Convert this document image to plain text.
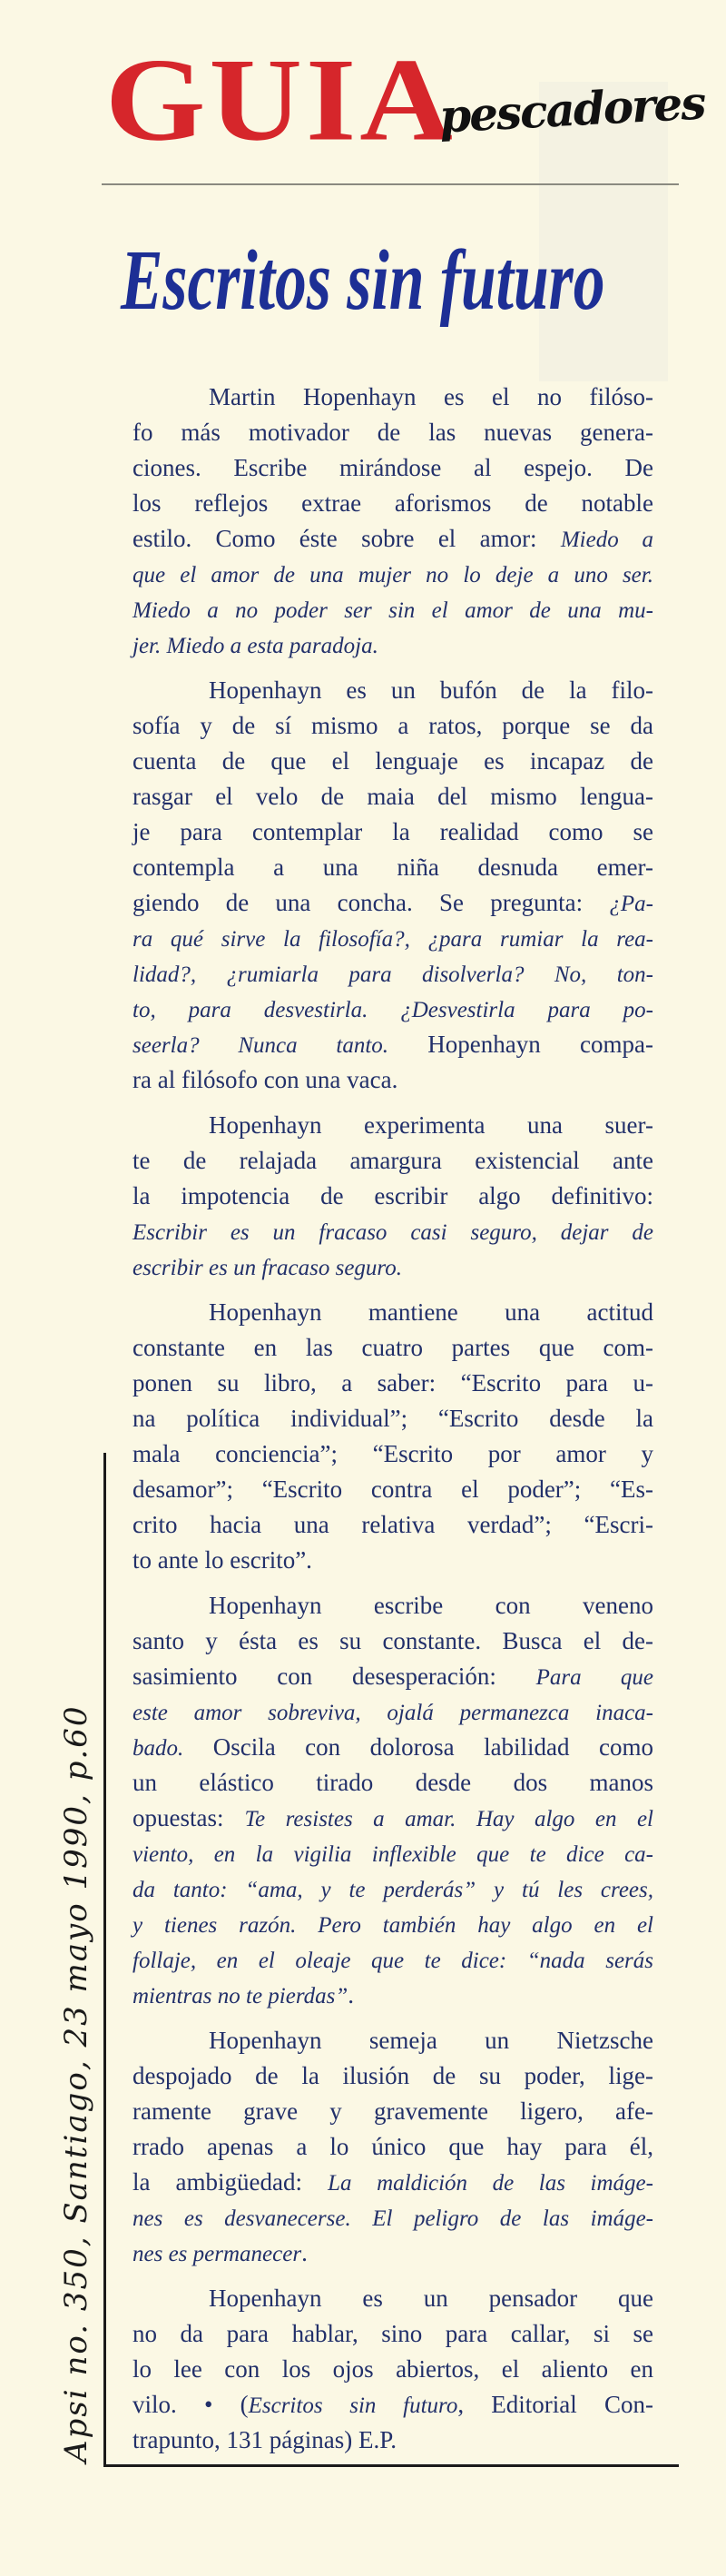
GUIA
pescadores
Escritos sin futuro
Martin Hopenhayn es el no filóso-
fo más motivador de las nuevas genera-
ciones. Escribe mirándose al espejo. De
los reflejos extrae aforismos de notable
estilo. Como éste sobre el amor: Miedo a
que el amor de una mujer no lo deje a uno ser.
Miedo a no poder ser sin el amor de una mu-
jer. Miedo a esta paradoja.
Hopenhayn es un bufón de la filo-
sofía y de sí mismo a ratos, porque se da
cuenta de que el lenguaje es incapaz de
rasgar el velo de maia del mismo lengua-
je para contemplar la realidad como se
contempla a una niña desnuda emer-
giendo de una concha. Se pregunta: ¿Pa-
ra qué sirve la filosofía?, ¿para rumiar la rea-
lidad?, ¿rumiarla para disolverla? No, ton-
to, para desvestirla. ¿Desvestirla para po-
seerla? Nunca tanto. Hopenhayn compa-
ra al filósofo con una vaca.
Hopenhayn experimenta una suer-
te de relajada amargura existencial ante
la impotencia de escribir algo definitivo:
Escribir es un fracaso casi seguro, dejar de
escribir es un fracaso seguro.
Hopenhayn mantiene una actitud
constante en las cuatro partes que com-
ponen su libro, a saber: “Escrito para u-
na política individual”; “Escrito desde la
mala conciencia”; “Escrito por amor y
desamor”; “Escrito contra el poder”; “Es-
crito hacia una relativa verdad”; “Escri-
to ante lo escrito”.
Hopenhayn escribe con veneno
santo y ésta es su constante. Busca el de-
sasimiento con desesperación: Para que
este amor sobreviva, ojalá permanezca inaca-
bado. Oscila con dolorosa labilidad como
un elástico tirado desde dos manos
opuestas: Te resistes a amar. Hay algo en el
viento, en la vigilia inflexible que te dice ca-
da tanto: “ama, y te perderás” y tú les crees,
y tienes razón. Pero también hay algo en el
follaje, en el oleaje que te dice: “nada serás
mientras no te pierdas”.
Hopenhayn semeja un Nietzsche
despojado de la ilusión de su poder, lige-
ramente grave y gravemente ligero, afe-
rrado apenas a lo único que hay para él,
la ambigüedad: La maldición de las imáge-
nes es desvanecerse. El peligro de las imáge-
nes es permanecer.
Hopenhayn es un pensador que
no da para hablar, sino para callar, si se
lo lee con los ojos abiertos, el aliento en
vilo. • (Escritos sin futuro, Editorial Con-
trapunto, 131 páginas) E.P.
Apsi no. 350, Santiago, 23 mayo 1990, p.60
